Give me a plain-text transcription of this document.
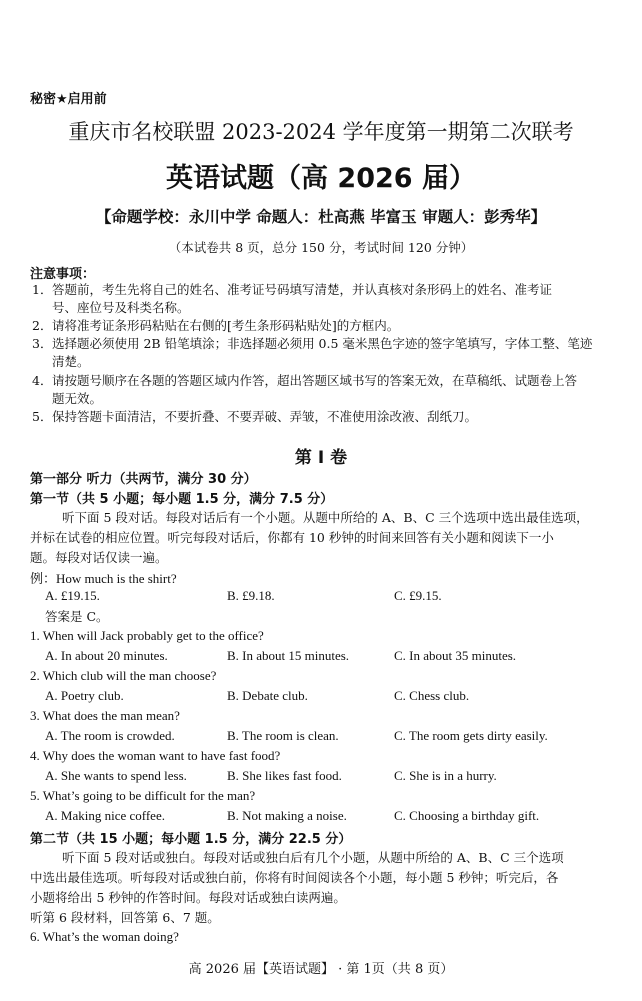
秘密★启用前
重庆市名校联盟 2023-2024 学年度第一期第二次联考
英语试题（高 2026 届）
【命题学校：永川中学 命题人：杜高燕 毕富玉 审题人：彭秀华】
（本试卷共 8 页，总分 150 分，考试时间 120 分钟）
注意事项：
1． 答题前，考生先将自己的姓名、准考证号码填写清楚，并认真核对条形码上的姓名、准考证
号、座位号及科类名称。
2． 请将准考证条形码粘贴在右侧的[考生条形码粘贴处]的方框内。
3． 选择题必须使用 2B 铅笔填涂；非选择题必须用 0.5 毫米黑色字迹的签字笔填写，字体工整、笔迹
清楚。
4． 请按题号顺序在各题的答题区域内作答，超出答题区域书写的答案无效，在草稿纸、试题卷上答
题无效。
5． 保持答题卡面清洁，不要折叠、不要弄破、弄皱，不准使用涂改液、刮纸刀。
第 I 卷
第一部分 听力（共两节，满分 30 分）
第一节（共 5 小题；每小题 1.5 分，满分 7.5 分）
听下面 5 段对话。每段对话后有一个小题。从题中所给的 A、B、C 三个选项中选出最佳选项，
并标在试卷的相应位置。听完每段对话后，你都有 10 秒钟的时间来回答有关小题和阅读下一小
题。每段对话仅读一遍。
例：How much is the shirt?
A. £19.15.	B. £9.18.	C. £9.15.
答案是 C。
1. When will Jack probably get to the office?
A. In about 20 minutes.	B. In about 15 minutes.	C. In about 35 minutes.
2. Which club will the man choose?
A. Poetry club.	B. Debate club.	C. Chess club.
3. What does the man mean?
A. The room is crowded.	B. The room is clean.	C. The room gets dirty easily.
4. Why does the woman want to have fast food?
A. She wants to spend less.	B. She likes fast food.	C. She is in a hurry.
5. What’s going to be difficult for the man?
A. Making nice coffee.	B. Not making a noise.	C. Choosing a birthday gift.
第二节（共 15 小题；每小题 1.5 分，满分 22.5 分）
听下面 5 段对话或独白。每段对话或独白后有几个小题，从题中所给的 A、B、C 三个选项
中选出最佳选项。听每段对话或独白前，你将有时间阅读各个小题，每小题 5 秒钟；听完后，各
小题将给出 5 秒钟的作答时间。每段对话或独白读两遍。
听第 6 段材料，回答第 6、7 题。
6. What’s the woman doing?
高 2026 届【英语试题】 · 第 1页（共 8 页）
